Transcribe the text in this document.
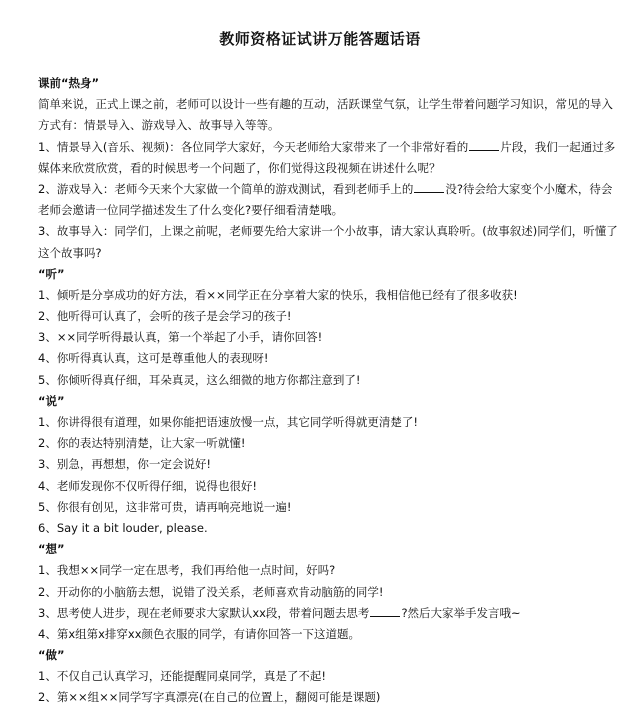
教师资格证试讲万能答题话语
课前“热身”
简单来说，正式上课之前，老师可以设计一些有趣的互动，活跃课堂气氛，让学生带着问题学习知识，常见的导入
方式有：情景导入、游戏导入、故事导入等等。
1、情景导入(音乐、视频)：各位同学大家好，今天老师给大家带来了一个非常好看的	片段，我们一起通过多
媒体来欣赏欣赏，看的时候思考一个问题了，你们觉得这段视频在讲述什么呢？
2、游戏导入：老师今天来个大家做一个简单的游戏测试，看到老师手上的	没?待会给大家变个小魔术，待会
老师会邀请一位同学描述发生了什么变化?要仔细看清楚哦。
3、故事导入：同学们，上课之前呢，老师要先给大家讲一个小故事，请大家认真聆听。(故事叙述)同学们，听懂了
这个故事吗?
“听”
1、倾听是分享成功的好方法，看××同学正在分享着大家的快乐，我相信他已经有了很多收获!
2、他听得可认真了，会听的孩子是会学习的孩子!
3、××同学听得最认真，第一个举起了小手，请你回答!
4、你听得真认真，这可是尊重他人的表现呀!
5、你倾听得真仔细，耳朵真灵，这么细微的地方你都注意到了!
“说”
1、你讲得很有道理，如果你能把语速放慢一点，其它同学听得就更清楚了!
2、你的表达特别清楚，让大家一听就懂!
3、别急，再想想，你一定会说好!
4、老师发现你不仅听得仔细，说得也很好!
5、你很有创见，这非常可贵，请再响亮地说一遍!
6、Say it a bit louder, please.
“想”
1、我想××同学一定在思考，我们再给他一点时间，好吗?
2、开动你的小脑筋去想，说错了没关系，老师喜欢肯动脑筋的同学!
3、思考使人进步，现在老师要求大家默认xx段，带着问题去思考	?然后大家举手发言哦~
4、第x组第x排穿xx颜色衣服的同学，有请你回答一下这道题。
“做”
1、不仅自己认真学习，还能提醒同桌同学，真是了不起!
2、第××组××同学写字真漂亮(在自己的位置上，翻阅可能是课题)
